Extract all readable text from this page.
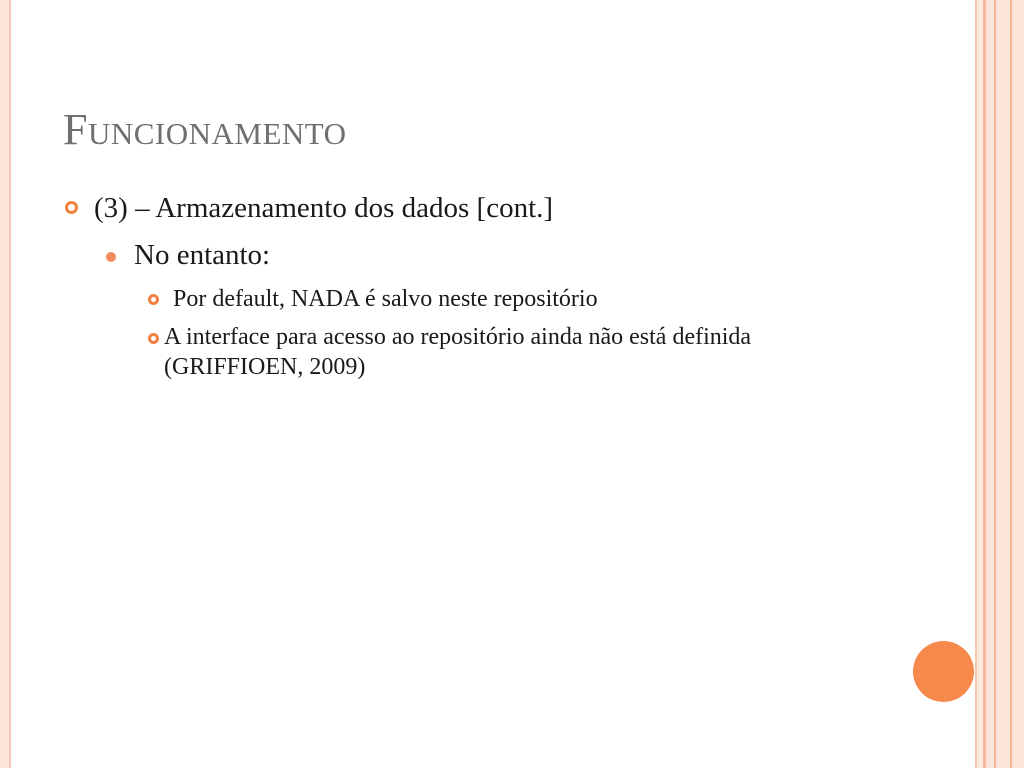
Funcionamento
(3) – Armazenamento dos dados [cont.]
No entanto:
Por default, NADA é salvo neste repositório
A interface para acesso ao repositório ainda não está definida (GRIFFIOEN, 2009)
